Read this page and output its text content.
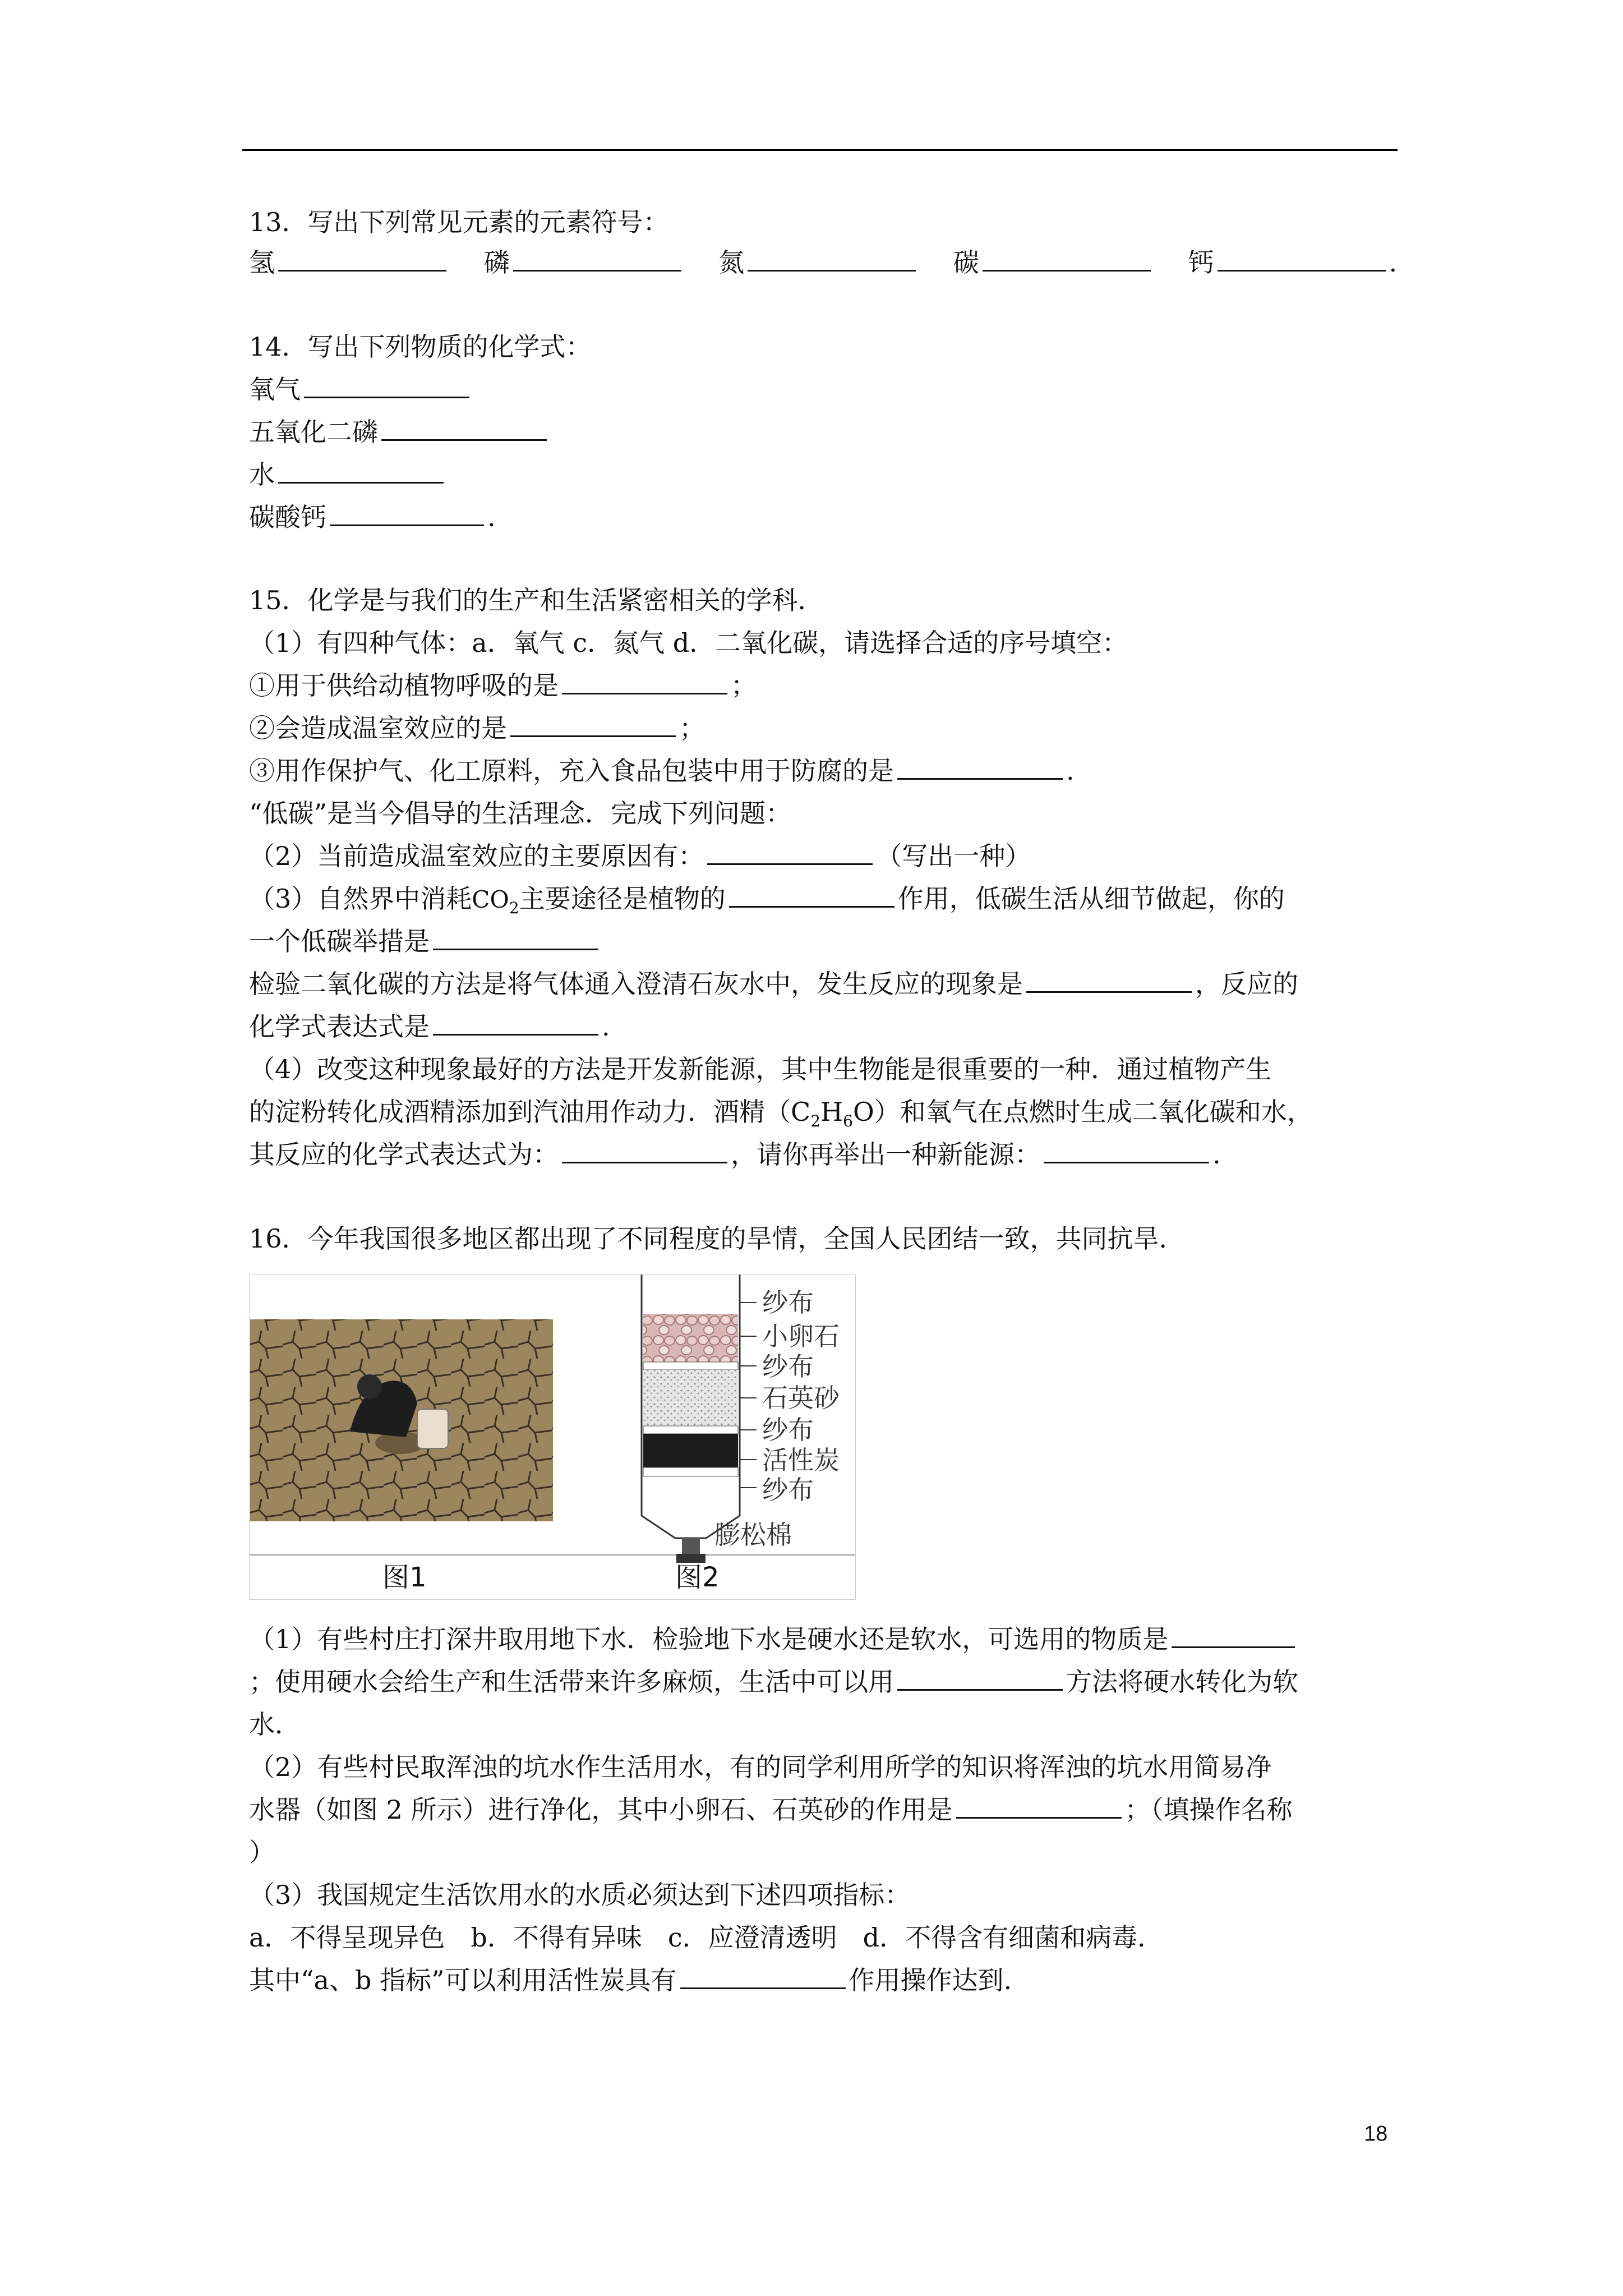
13．写出下列常见元素的元素符号：
氢　	磷　	氮　	碳　	钙	.
14．写出下列物质的化学式：
氧气
五氧化二磷
水
碳酸钙	.
15．化学是与我们的生产和生活紧密相关的学科．
（1）有四种气体：a．氧气 c．氮气 d．二氧化碳，请选择合适的序号填空：
①用于供给动植物呼吸的是	；
②会造成温室效应的是	；
③用作保护气、化工原料，充入食品包装中用于防腐的是	.
“低碳”是当今倡导的生活理念．完成下列问题：
（2）当前造成温室效应的主要原因有：	（写出一种）
（3）自然界中消耗$CO_2$主要途径是植物的	作用，低碳生活从细节做起，你的
一个低碳举措是
检验二氧化碳的方法是将气体通入澄清石灰水中，发生反应的现象是	，反应的
化学式表达式是	.
（4）改变这种现象最好的方法是开发新能源，其中生物能是很重要的一种．通过植物产生
的淀粉转化成酒精添加到汽油用作动力．酒精$(C_2H_6O)$和氧气在点燃时生成二氧化碳和水，
其反应的化学式表达式为：	，请你再举出一种新能源：	.
16．今年我国很多地区都出现了不同程度的旱情，全国人民团结一致，共同抗旱．
图1
纱布
小卵石
纱布
石英砂
纱布
活性炭
纱布
膨松棉
图2
（1）有些村庄打深井取用地下水．检验地下水是硬水还是软水，可选用的物质是
；使用硬水会给生产和生活带来许多麻烦，生活中可以用	方法将硬水转化为软
水．
（2）有些村民取浑浊的坑水作生活用水，有的同学利用所学的知识将浑浊的坑水用简易净
水器（如图 2 所示）进行净化，其中小卵石、石英砂的作用是	；（填操作名称
）
（3）我国规定生活饮用水的水质必须达到下述四项指标：
a．不得呈现异色　b．不得有异味　c．应澄清透明　d．不得含有细菌和病毒．
其中“a、b 指标”可以利用活性炭具有	作用操作达到.
18
